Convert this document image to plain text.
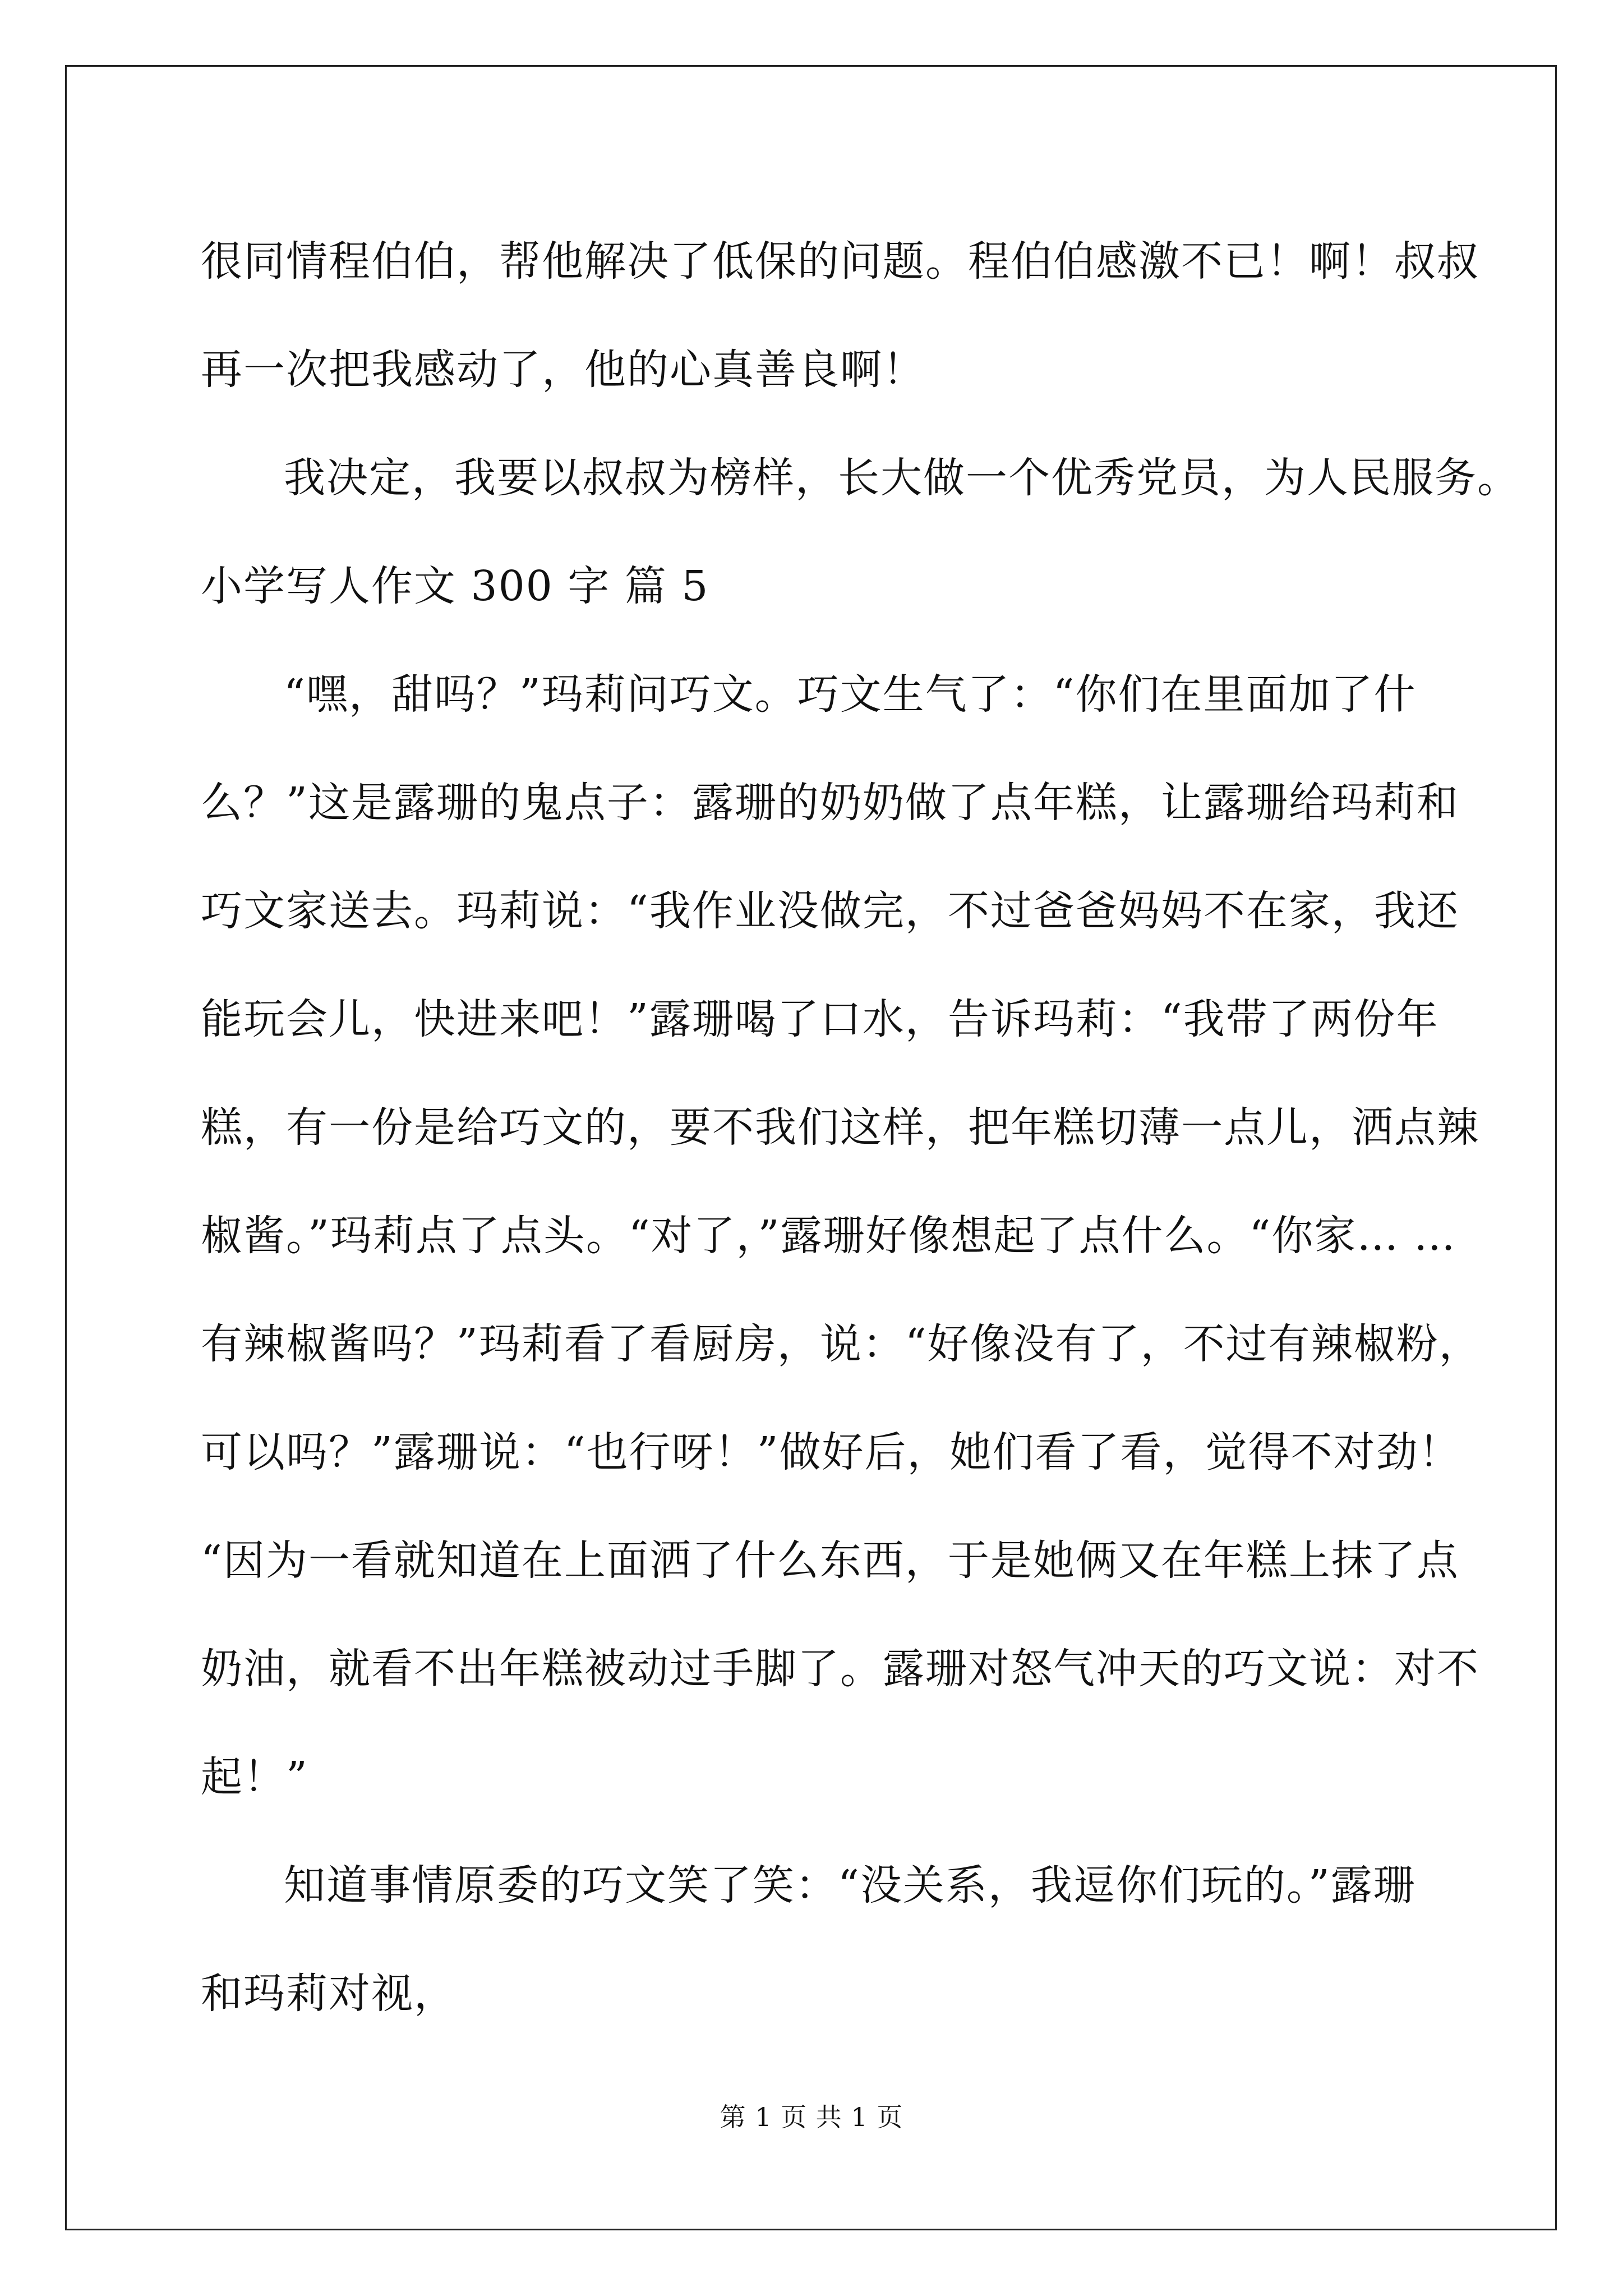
很同情程伯伯，帮他解决了低保的问题。程伯伯感激不已！啊！叔叔
再一次把我感动了，他的心真善良啊！
我决定，我要以叔叔为榜样，长大做一个优秀党员，为人民服务。
小学写人作文 300 字 篇 5
“嘿，甜吗？”玛莉问巧文。巧文生气了：“你们在里面加了什
么？”这是露珊的鬼点子：露珊的奶奶做了点年糕，让露珊给玛莉和
巧文家送去。玛莉说：“我作业没做完，不过爸爸妈妈不在家，我还
能玩会儿，快进来吧！”露珊喝了口水，告诉玛莉：“我带了两份年
糕，有一份是给巧文的，要不我们这样，把年糕切薄一点儿，洒点辣
椒酱。”玛莉点了点头。“对了，”露珊好像想起了点什么。“你家… …
有辣椒酱吗？”玛莉看了看厨房，说：“好像没有了，不过有辣椒粉，
可以吗？”露珊说：“也行呀！”做好后，她们看了看，觉得不对劲！
“因为一看就知道在上面洒了什么东西，于是她俩又在年糕上抹了点
奶油，就看不出年糕被动过手脚了。露珊对怒气冲天的巧文说：对不
起！”
知道事情原委的巧文笑了笑：“没关系，我逗你们玩的。”露珊
和玛莉对视，
第 1 页 共 1 页
